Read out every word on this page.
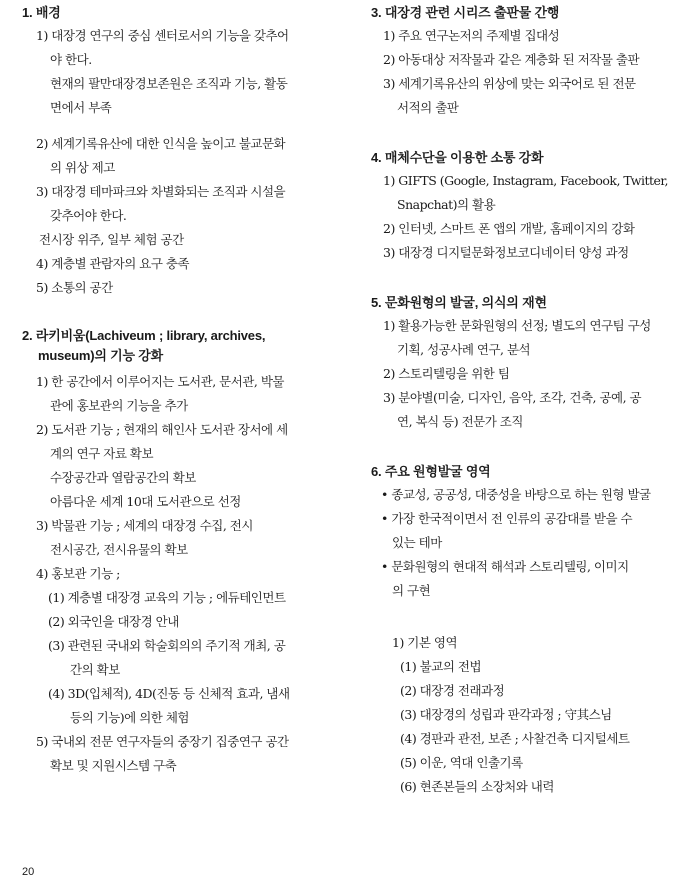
1. 배경
1) 대장경 연구의 중심 센터로서의 기능을 갖추어
야 한다.
현재의 팔만대장경보존원은 조직과 기능, 활동
면에서 부족
2) 세계기록유산에 대한 인식을 높이고 불교문화
의 위상 제고
3) 대장경 테마파크와 차별화되는 조직과 시설을
갖추어야 한다.
전시장 위주, 일부 체험 공간
4) 계층별 관람자의 요구 충족
5) 소통의 공간
2. 라키비움(Lachiveum ; library, archives,
museum)의 기능 강화
1) 한 공간에서 이루어지는 도서관, 문서관, 박물
관에 홍보관의 기능을 추가
2) 도서관 기능 ; 현재의 해인사 도서관 장서에 세
계의 연구 자료 확보
수장공간과 열람공간의 확보
아름다운 세계 10대 도서관으로 선정
3) 박물관 기능 ; 세계의 대장경 수집, 전시
전시공간, 전시유물의 확보
4) 홍보관 기능 ;
(1) 계층별 대장경 교육의 기능 ; 에듀테인먼트
(2) 외국인을 대장경 안내
(3) 관련된 국내외 학술회의의 주기적 개최, 공
간의 확보
(4) 3D(입체적), 4D(진동 등 신체적 효과, 냄새
등의 기능)에 의한 체험
5) 국내외 전문 연구자들의 중장기 집중연구 공간
확보 및 지원시스템 구축
3. 대장경 관련 시리즈 출판물 간행
1) 주요 연구논저의 주제별 집대성
2) 아동대상 저작물과 같은 계층화 된 저작물 출판
3) 세계기록유산의 위상에 맞는 외국어로 된 전문
서적의 출판
4. 매체수단을 이용한 소통 강화
1) GIFTS (Google, Instagram, Facebook, Twitter,
Snapchat)의 활용
2) 인터넷, 스마트 폰 앱의 개발, 홈페이지의 강화
3) 대장경 디지털문화정보코디네이터 양성 과정
5. 문화원형의 발굴, 의식의 재현
1) 활용가능한 문화원형의 선정; 별도의 연구팀 구성
기획, 성공사례 연구, 분석
2) 스토리텔링을 위한 팀
3) 분야별(미술, 디자인, 음악, 조각, 건축, 공예, 공
연, 복식 등) 전문가 조직
6. 주요 원형발굴 영역
• 종교성, 공공성, 대중성을 바탕으로 하는 원형 발굴
• 가장 한국적이면서 전 인류의 공감대를 받을 수
있는 테마
• 문화원형의 현대적 해석과 스토리텔링, 이미지
의 구현
1) 기본 영역
(1) 불교의 전법
(2) 대장경 전래과정
(3) 대장경의 성립과 판각과정 ; 守其스님
(4) 경판과 관전, 보존 ; 사찰건축 디지털세트
(5) 이운, 역대 인출기록
(6) 현존본들의 소장처와 내력
20
